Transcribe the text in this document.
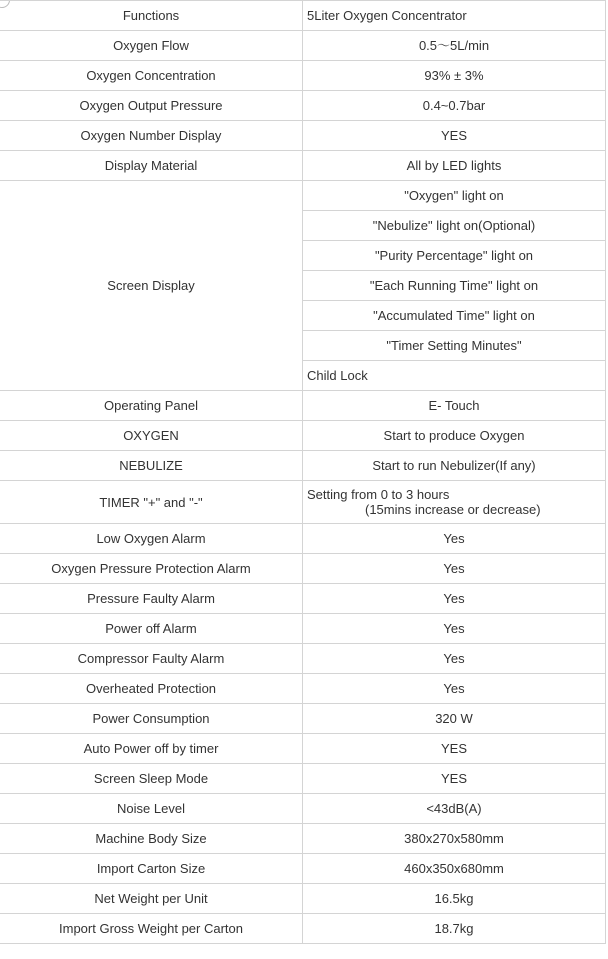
Functions	5Liter Oxygen Concentrator
Oxygen Flow	0.5～5L/min
Oxygen Concentration	93% ± 3%
Oxygen Output Pressure	0.4~0.7bar
Oxygen Number Display	YES
Display Material	All by LED lights
Screen Display	"Oxygen" light on
	"Nebulize" light on(Optional)
	"Purity Percentage" light on
	"Each Running Time" light on
	"Accumulated Time" light on
	"Timer Setting Minutes"
	Child Lock
Operating Panel	E- Touch
OXYGEN	Start to produce Oxygen
NEBULIZE	Start to run Nebulizer(If any)
TIMER "+" and "-"	Setting from 0 to 3 hours
(15mins increase or decrease)

Low Oxygen Alarm	Yes
Oxygen Pressure Protection Alarm	Yes
Pressure Faulty Alarm	Yes
Power off Alarm	Yes
Compressor Faulty Alarm	Yes
Overheated Protection	Yes
Power Consumption	320 W
Auto Power off by timer	YES
Screen Sleep Mode	YES
Noise Level	<43dB(A)
Machine Body Size	380x270x580mm
Import Carton Size	460x350x680mm
Net Weight per Unit	16.5kg
Import Gross Weight per Carton	18.7kg
